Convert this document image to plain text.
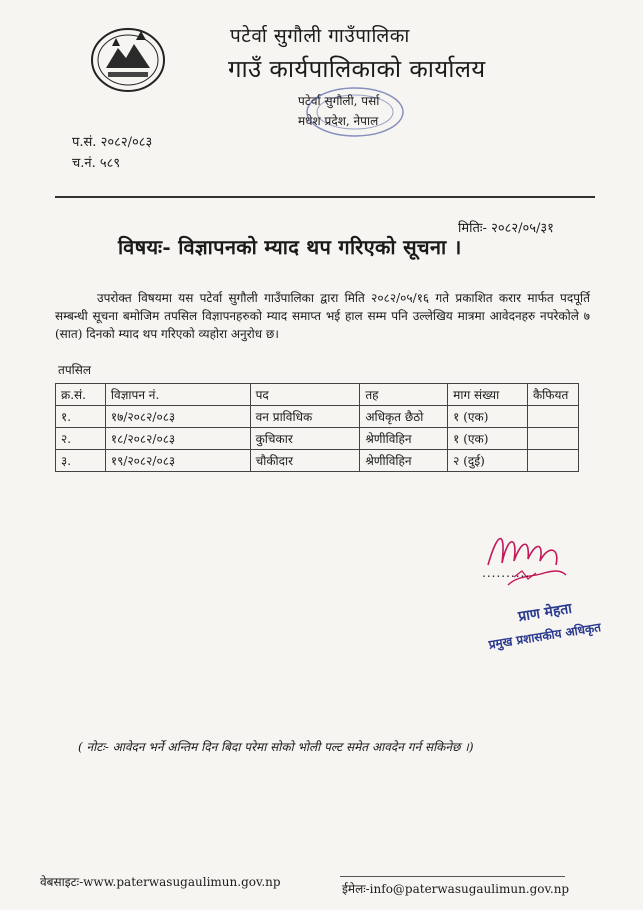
पटेर्वा सुगौली गाउँपालिका
गाउँ कार्यपालिकाको कार्यालय
पटेर्वा सुगौली, पर्सा
मधेश प्रदेश, नेपाल
प.सं. २०८२/०८३
च.नं. ५८९
मितिः- २०८२/०५/३१
विषयः- विज्ञापनको म्याद थप गरिएको सूचना ।
उपरोक्त विषयमा यस पटेर्वा सुगौली गाउँपालिका द्वारा मिति २०८२/०५/१६ गते प्रकाशित करार मार्फत पदपूर्ति सम्बन्धी सूचना बमोजिम तपसिल विज्ञापनहरुको म्याद समाप्त भई हाल सम्म पनि उल्लेखिय मात्रमा आवेदनहरु नपरेकोले ७ (सात) दिनको म्याद थप गरिएको व्यहोरा अनुरोध छ।
तपसिल
क्र.सं.	विज्ञापन नं.	पद	तह	माग संख्या	कैफियत
१.	१७/२०८२/०८३	वन प्राविधिक	अधिकृत छैठो	१ (एक)	
२.	१८/२०८२/०८३	कुचिकार	श्रेणीविहिन	१ (एक)	
३.	१९/२०८२/०८३	चौकीदार	श्रेणीविहिन	२ (दुई)	
..........
प्राण मेहता
प्रमुख प्रशासकीय अधिकृत
( नोटः- आवेदन भर्ने अन्तिम दिन बिदा परेमा सोको भोली पल्ट समेत आवदेन गर्न सकिनेछ ।)
वेबसाइटः-www.paterwasugaulimun.gov.np	ईमेलः-info@paterwasugaulimun.gov.np
